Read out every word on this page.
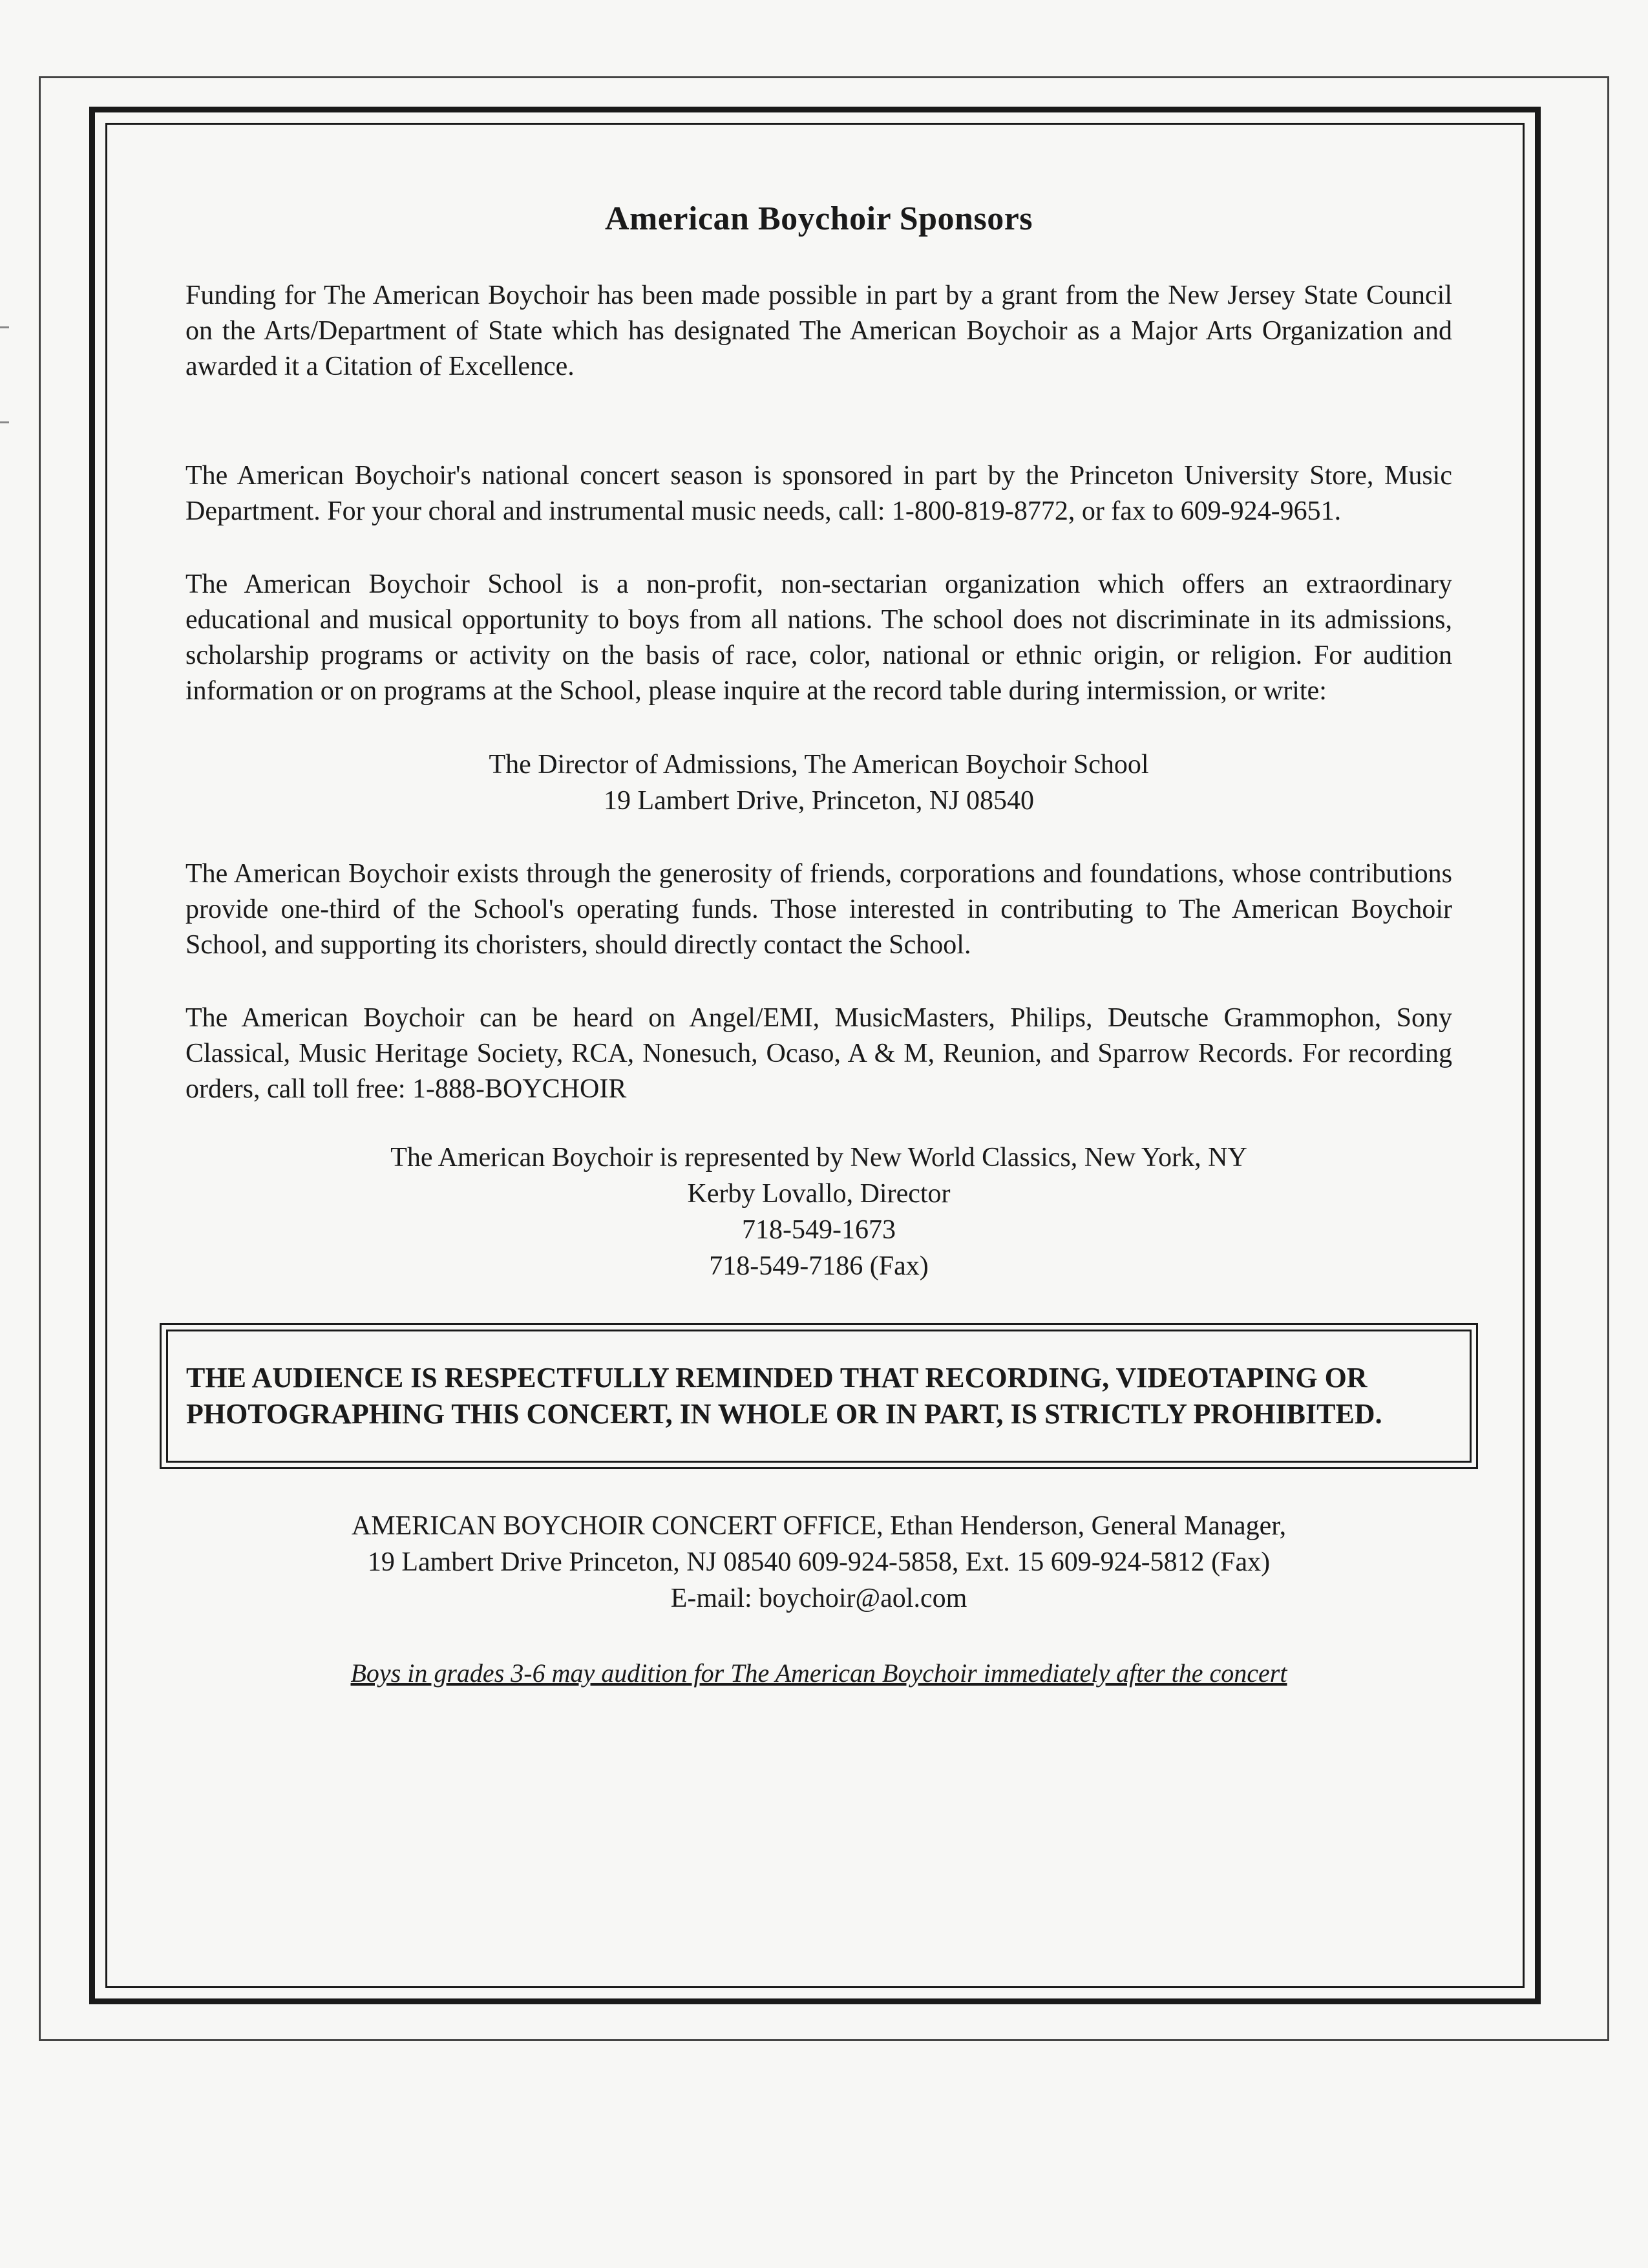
American Boychoir Sponsors

Funding for The American Boychoir has been made possible in part by a grant from the New Jersey State Council on the Arts/Department of State which has designated The American Boychoir as a Major Arts Organization and awarded it a Citation of Excellence.

The American Boychoir's national concert season is sponsored in part by the Princeton University Store, Music Department. For your choral and instrumental music needs, call: 1-800-819-8772, or fax to 609-924-9651.

The American Boychoir School is a non-profit, non-sectarian organization which offers an extraordinary educational and musical opportunity to boys from all nations. The school does not discriminate in its admissions, scholarship programs or activity on the basis of race, color, national or ethnic origin, or religion. For audition information or on programs at the School, please inquire at the record table during intermission, or write:

The Director of Admissions, The American Boychoir School
19 Lambert Drive, Princeton, NJ 08540

The American Boychoir exists through the generosity of friends, corporations and foundations, whose contributions provide one-third of the School's operating funds. Those interested in contributing to The American Boychoir School, and supporting its choristers, should directly contact the School.

The American Boychoir can be heard on Angel/EMI, MusicMasters, Philips, Deutsche Grammophon, Sony Classical, Music Heritage Society, RCA, Nonesuch, Ocaso, A & M, Reunion, and Sparrow Records. For recording orders, call toll free: 1-888-BOYCHOIR

The American Boychoir is represented by New World Classics, New York, NY
Kerby Lovallo, Director
718-549-1673
718-549-7186 (Fax)
THE AUDIENCE IS RESPECTFULLY REMINDED THAT RECORDING, VIDEOTAPING OR PHOTOGRAPHING THIS CONCERT, IN WHOLE OR IN PART, IS STRICTLY PROHIBITED.
AMERICAN BOYCHOIR CONCERT OFFICE, Ethan Henderson, General Manager,
19 Lambert Drive Princeton, NJ 08540 609-924-5858, Ext. 15 609-924-5812 (Fax)
E-mail: boychoir@aol.com
Boys in grades 3-6 may audition for The American Boychoir immediately after the concert
